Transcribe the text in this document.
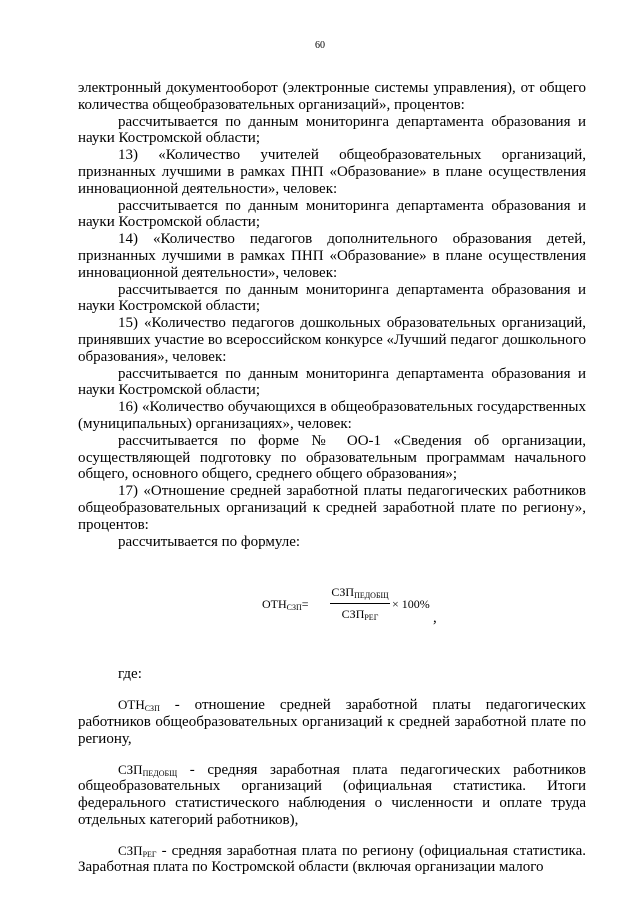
60

электронный документооборот (электронные системы управления), от общего количества общеобразовательных организаций», процентов:

рассчитывается по данным мониторинга департамента образования и науки Костромской области;

13) «Количество учителей общеобразовательных организаций, признанных лучшими в рамках ПНП «Образование» в плане осуществления инновационной деятельности», человек:

рассчитывается по данным мониторинга департамента образования и науки Костромской области;

14) «Количество педагогов дополнительного образования детей, признанных лучшими в рамках ПНП «Образование» в плане осуществления инновационной деятельности», человек:

рассчитывается по данным мониторинга департамента образования и науки Костромской области;

15) «Количество педагогов дошкольных образовательных организаций, принявших участие во всероссийском конкурсе «Лучший педагог дошкольного образования», человек:

рассчитывается по данным мониторинга департамента образования и науки Костромской области;

16) «Количество обучающихся в общеобразовательных государственных (муниципальных) организациях», человек:

рассчитывается по форме № ОО-1 «Сведения об организации, осуществляющей подготовку по образовательным программам начального общего, основного общего, среднего общего образования»;

17) «Отношение средней заработной платы педагогических работников общеобразовательных организаций к средней заработной плате по региону», процентов:

рассчитывается по формуле:

$ОТН_{СЗП}=$
$СЗП_{ПЕДОБЩ}$
$СЗП_{РЕГ}$
× 100%
,

где:

$ОТН_{СЗП}$ - отношение средней заработной платы педагогических работников общеобразовательных организаций к средней заработной плате по региону,

$СЗП_{ПЕДОБЩ}$ - средняя заработная плата педагогических работников общеобразовательных организаций (официальная статистика. Итоги федерального статистического наблюдения о численности и оплате труда отдельных категорий работников),

$СЗП_{РЕГ}$ - средняя заработная плата по региону (официальная статистика. Заработная плата по Костромской области (включая организации малого
